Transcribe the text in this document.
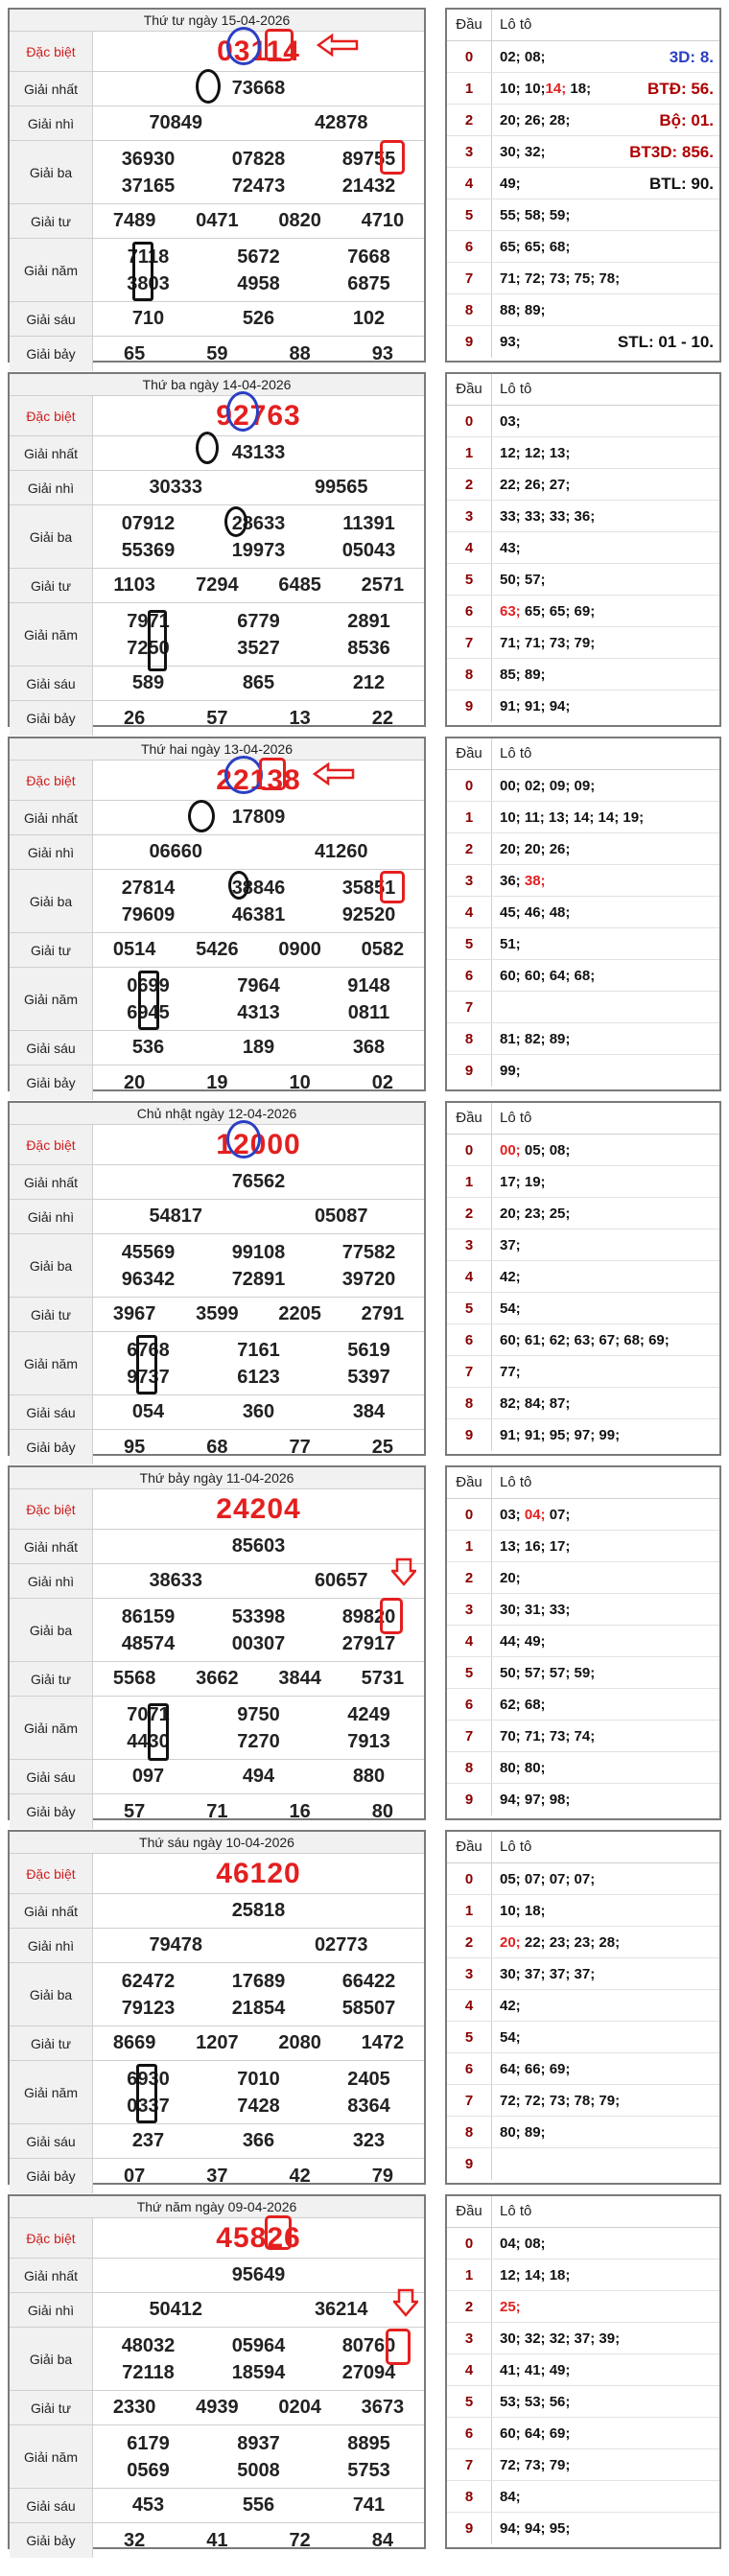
Thứ tư ngày 15-04-2026
Đặc biệt	03114
Giải nhất	73668
Giải nhì	70849	42878
Giải ba
36930	07828	89755
37165	72473	21432
Giải tư	7489	0471	0820	4710
Giải năm
7118	5672	7668
3803	4958	6875
Giải sáu	710	526	102
Giải bảy	65	59	88	93
Đầu	Lô tô
0	02; 08;	3D: 8.
1	10; 10;14; 18;	BTĐ: 56.
2	20; 26; 28;	Bộ: 01.
3	30; 32;	BT3D: 856.
4	49;	BTL: 90.
5	55; 58; 59;
6	65; 65; 68;
7	71; 72; 73; 75; 78;
8	88; 89;
9	93;	STL: 01 - 10.
Thứ ba ngày 14-04-2026
Đặc biệt	92763
Giải nhất	43133
Giải nhì	30333	99565
Giải ba
07912	28633	11391
55369	19973	05043
Giải tư	1103	7294	6485	2571
Giải năm
7971	6779	2891
7250	3527	8536
Giải sáu	589	865	212
Giải bảy	26	57	13	22
Đầu	Lô tô
0	03;
1	12; 12; 13;
2	22; 26; 27;
3	33; 33; 33; 36;
4	43;
5	50; 57;
6	63; 65; 65; 69;
7	71; 71; 73; 79;
8	85; 89;
9	91; 91; 94;
Thứ hai ngày 13-04-2026
Đặc biệt	22138
Giải nhất	17809
Giải nhì	06660	41260
Giải ba
27814	38846	35851
79609	46381	92520
Giải tư	0514	5426	0900	0582
Giải năm
0699	7964	9148
6945	4313	0811
Giải sáu	536	189	368
Giải bảy	20	19	10	02
Đầu	Lô tô
0	00; 02; 09; 09;
1	10; 11; 13; 14; 14; 19;
2	20; 20; 26;
3	36; 38;
4	45; 46; 48;
5	51;
6	60; 60; 64; 68;
7
8	81; 82; 89;
9	99;
Chủ nhật ngày 12-04-2026
Đặc biệt	12000
Giải nhất	76562
Giải nhì	54817	05087
Giải ba
45569	99108	77582
96342	72891	39720
Giải tư	3967	3599	2205	2791
Giải năm
6768	7161	5619
9737	6123	5397
Giải sáu	054	360	384
Giải bảy	95	68	77	25
Đầu	Lô tô
0	00; 05; 08;
1	17; 19;
2	20; 23; 25;
3	37;
4	42;
5	54;
6	60; 61; 62; 63; 67; 68; 69;
7	77;
8	82; 84; 87;
9	91; 91; 95; 97; 99;
Thứ bảy ngày 11-04-2026
Đặc biệt	24204
Giải nhất	85603
Giải nhì	38633	60657
Giải ba
86159	53398	89820
48574	00307	27917
Giải tư	5568	3662	3844	5731
Giải năm
7071	9750	4249
4430	7270	7913
Giải sáu	097	494	880
Giải bảy	57	71	16	80
Đầu	Lô tô
0	03; 04; 07;
1	13; 16; 17;
2	20;
3	30; 31; 33;
4	44; 49;
5	50; 57; 57; 59;
6	62; 68;
7	70; 71; 73; 74;
8	80; 80;
9	94; 97; 98;
Thứ sáu ngày 10-04-2026
Đặc biệt	46120
Giải nhất	25818
Giải nhì	79478	02773
Giải ba
62472	17689	66422
79123	21854	58507
Giải tư	8669	1207	2080	1472
Giải năm
6930	7010	2405
0337	7428	8364
Giải sáu	237	366	323
Giải bảy	07	37	42	79
Đầu	Lô tô
0	05; 07; 07; 07;
1	10; 18;
2	20; 22; 23; 23; 28;
3	30; 37; 37; 37;
4	42;
5	54;
6	64; 66; 69;
7	72; 72; 73; 78; 79;
8	80; 89;
9
Thứ năm ngày 09-04-2026
Đặc biệt	45826
Giải nhất	95649
Giải nhì	50412	36214
Giải ba
48032	05964	80760
72118	18594	27094
Giải tư	2330	4939	0204	3673
Giải năm
6179	8937	8895
0569	5008	5753
Giải sáu	453	556	741
Giải bảy	32	41	72	84
Đầu	Lô tô
0	04; 08;
1	12; 14; 18;
2	25;
3	30; 32; 32; 37; 39;
4	41; 41; 49;
5	53; 53; 56;
6	60; 64; 69;
7	72; 73; 79;
8	84;
9	94; 94; 95;
